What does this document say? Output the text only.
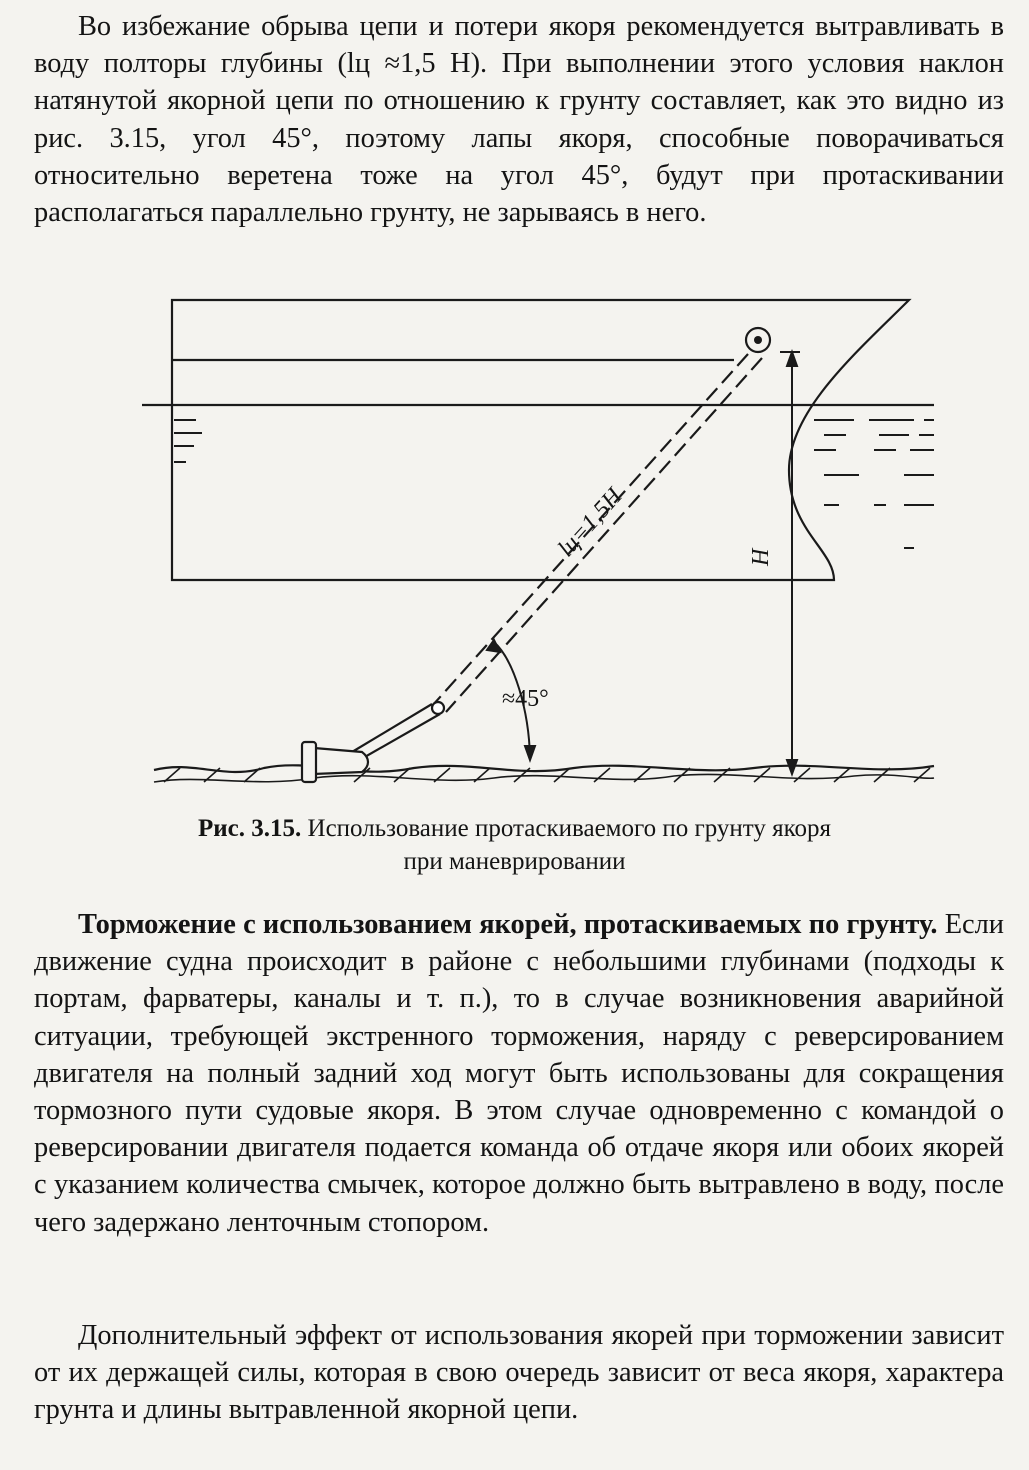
Во избежание обрыва цепи и потери якоря рекомендуется вытравливать в воду полторы глубины (lц ≈1,5 Н). При выполнении этого условия наклон натянутой якорной цепи по отношению к грунту составляет, как это видно из рис. 3.15, угол 45°, поэтому лапы якоря, способные поворачиваться относительно веретена тоже на угол 45°, будут при протаскивании располагаться параллельно грунту, не зарываясь в него.

lц=1,5H	H
≈45°
Рис. 3.15. Использование протаскиваемого по грунту якоря
при маневрировании

Торможение с использованием якорей, протаскиваемых по грунту. Если движение судна происходит в районе с небольшими глубинами (подходы к портам, фарватеры, каналы и т. п.), то в случае возникновения аварийной ситуации, требующей экстренного торможения, наряду с реверсированием двигателя на полный задний ход могут быть использованы для сокращения тормозного пути судовые якоря. В этом случае одновременно с командой о реверсировании двигателя подается команда об отдаче якоря или обоих якорей с указанием количества смычек, которое должно быть вытравлено в воду, после чего задержано ленточным стопором.

Дополнительный эффект от использования якорей при торможении зависит от их держащей силы, которая в свою очередь зависит от веса якоря, характера грунта и длины вытравленной якорной цепи.
